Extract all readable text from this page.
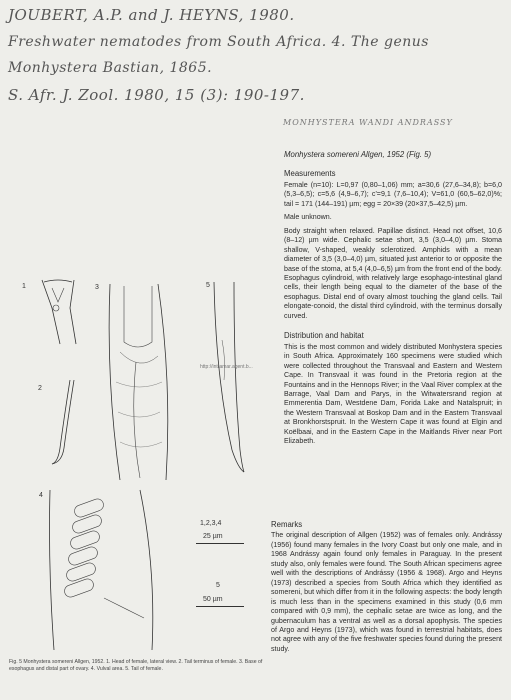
JOUBERT, A.P. and J. HEYNS, 1980.
Freshwater nematodes from South Africa. 4. The genus
Monhystera Bastian, 1865.
S. Afr. J. Zool. 1980, 15 (3): 190-197.
MONHYSTERA WANDI ANDRASSY
Monhystera somereni Allgen, 1952 (Fig. 5)
Measurements
Female (n=10): L=0,97 (0,80–1,06) mm; a=30,6 (27,6–34,8); b=6,0 (5,3–6,5); c=5,6 (4,9–6,7); c'=9,1 (7,6–10,4); V=61,0 (60,5–62,0)%; tail = 171 (144–191) µm; egg = 20×39 (20×37,5–42,5) µm.
Male unknown.
Body straight when relaxed. Papillae distinct. Head not offset, 10,6 (8–12) µm wide. Cephalic setae short, 3,5 (3,0–4,0) µm. Stoma shallow, V-shaped, weakly sclerotized. Amphids with a mean diameter of 3,5 (3,0–4,0) µm, situated just anterior to or opposite the base of the stoma, at 5,4 (4,0–6,5) µm from the front end of the body. Esophagus cylindroid, with relatively large esophago-intestinal gland cells, their length being equal to the diameter of the base of the esophagus. Distal end of ovary almost touching the gland cells. Tail elongate-conoid, the distal third cylindroid, with the terminus dorsally curved.
Distribution and habitat
This is the most common and widely distributed Monhystera species in South Africa. Approximately 160 specimens were studied which were collected throughout the Transvaal and Eastern and Western Cape. In Transvaal it was found in the Pretoria region at the Fountains and in the Hennops River; in the Vaal River complex at the Barrage, Vaal Dam and Parys, in the Witwatersrand region at Emmerentia Dam, Westdene Dam, Forida Lake and Natalspruit; in the Western Transvaal at Boskop Dam and in the Eastern Transvaal at Bronkhorstspruit. In the Western Cape it was found at Elgin and Koëlbaai, and in the Eastern Cape in the Maitlands River near Port Elizabeth.
Remarks
The original description of Allgen (1952) was of females only. Andrássy (1956) found many females in the Ivory Coast but only one male, and in 1968 Andrássy again found only females in Paraguay. In the present study also, only females were found. The South African specimens agree well with the descriptions of Andrássy (1956 & 1968). Argo and Heyns (1973) described a species from South Africa which they identified as somereni, but which differ from it in the following aspects: the body length is much less than in the specimens examined in this study (0,6 mm compared with 0,9 mm), the cephalic setae are twice as long, and the gubernaculum has a ventral as well as a dorsal apophysis. The species of Argo and Heyns (1973), which was found in terrestrial habitats, does not agree with any of the five freshwater species found during the present study.
1
2
3
4
5
1,2,3,4
25 µm
5
50 µm
http://intramar.agent.b...
Fig. 5 Monhystera somereni Allgen, 1952. 1. Head of female, lateral view. 2. Tail terminus of female. 3. Base of esophagus and distal part of ovary. 4. Vulval area. 5. Tail of female.
